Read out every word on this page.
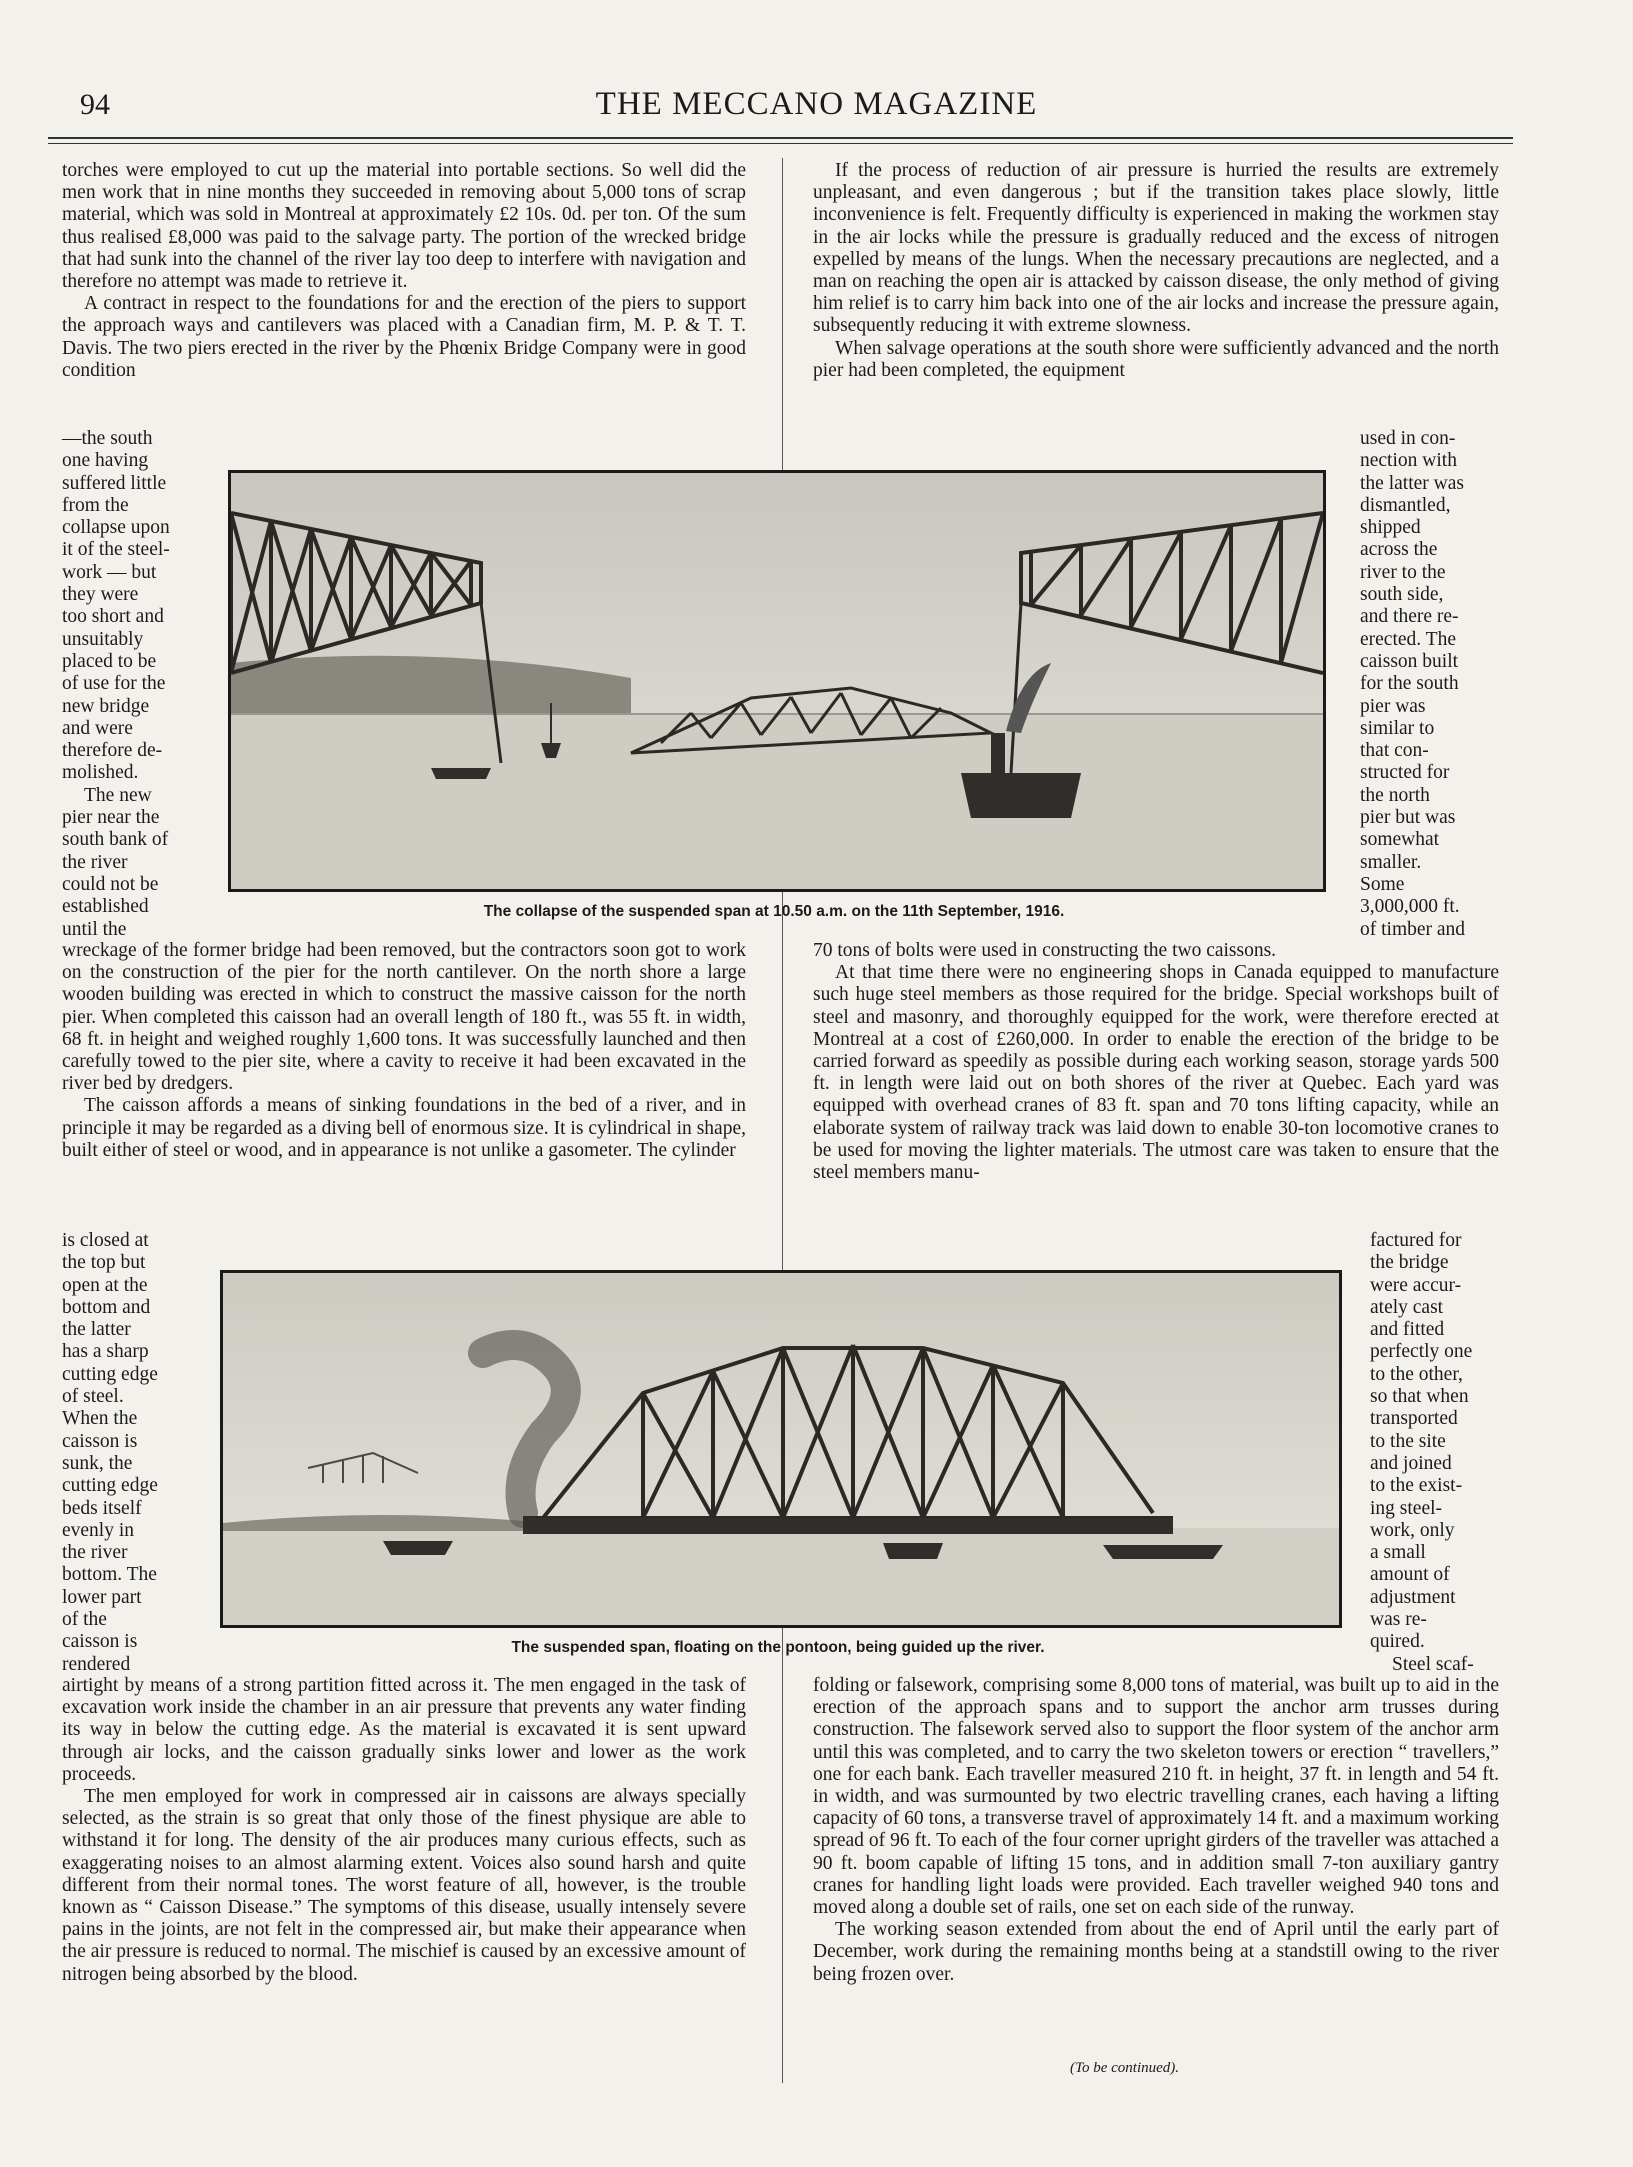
94	THE MECCANO MAGAZINE

torches were employed to cut up the material into portable sections. So well did the men work that in nine months they succeeded in removing about 5,000 tons of scrap material, which was sold in Montreal at approximately £2 10s. 0d. per ton. Of the sum thus realised £8,000 was paid to the salvage party. The portion of the wrecked bridge that had sunk into the channel of the river lay too deep to interfere with navigation and therefore no attempt was made to retrieve it.

A contract in respect to the foundations for and the erection of the piers to support the approach ways and cantilevers was placed with a Canadian firm, M. P. & T. T. Davis. The two piers erected in the river by the Phœnix Bridge Company were in good condition

—the south
one having
suffered little
from the
collapse upon
it of the steel-
work — but
they were
too short and
unsuitably
placed to be
of use for the
new bridge
and were
therefore de-
molished.
The new
pier near the
south bank of
the river
could not be
established
until the

wreckage of the former bridge had been removed, but the contractors soon got to work on the construction of the pier for the north cantilever. On the north shore a large wooden building was erected in which to construct the massive caisson for the north pier. When completed this caisson had an overall length of 180 ft., was 55 ft. in width, 68 ft. in height and weighed roughly 1,600 tons. It was successfully launched and then carefully towed to the pier site, where a cavity to receive it had been excavated in the river bed by dredgers.

The caisson affords a means of sinking foundations in the bed of a river, and in principle it may be regarded as a diving bell of enormous size. It is cylindrical in shape, built either of steel or wood, and in appearance is not unlike a gasometer. The cylinder

is closed at
the top but
open at the
bottom and
the latter
has a sharp
cutting edge
of steel.
When the
caisson is
sunk, the
cutting edge
beds itself
evenly in
the river
bottom. The
lower part
of the
caisson is
rendered

airtight by means of a strong partition fitted across it. The men engaged in the task of excavation work inside the chamber in an air pressure that prevents any water finding its way in below the cutting edge. As the material is excavated it is sent upward through air locks, and the caisson gradually sinks lower and lower as the work proceeds.

The men employed for work in compressed air in caissons are always specially selected, as the strain is so great that only those of the finest physique are able to withstand it for long. The density of the air produces many curious effects, such as exaggerating noises to an almost alarming extent. Voices also sound harsh and quite different from their normal tones. The worst feature of all, however, is the trouble known as “ Caisson Disease.” The symptoms of this disease, usually intensely severe pains in the joints, are not felt in the compressed air, but make their appearance when the air pressure is reduced to normal. The mischief is caused by an excessive amount of nitrogen being absorbed by the blood.

If the process of reduction of air pressure is hurried the results are extremely unpleasant, and even dangerous ; but if the transition takes place slowly, little inconvenience is felt. Frequently difficulty is experienced in making the workmen stay in the air locks while the pressure is gradually reduced and the excess of nitrogen expelled by means of the lungs. When the necessary precautions are neglected, and a man on reaching the open air is attacked by caisson disease, the only method of giving him relief is to carry him back into one of the air locks and increase the pressure again, subsequently reducing it with extreme slowness.

When salvage operations at the south shore were sufficiently advanced and the north pier had been completed, the equipment

used in con-
nection with
the latter was
dismantled,
shipped
across the
river to the
south side,
and there re-
erected. The
caisson built
for the south
pier was
similar to
that con-
structed for
the north
pier but was
somewhat
smaller.
Some
3,000,000 ft.
of timber and

70 tons of bolts were used in constructing the two caissons.

At that time there were no engineering shops in Canada equipped to manufacture such huge steel members as those required for the bridge. Special workshops built of steel and masonry, and thoroughly equipped for the work, were therefore erected at Montreal at a cost of £260,000. In order to enable the erection of the bridge to be carried forward as speedily as possible during each working season, storage yards 500 ft. in length were laid out on both shores of the river at Quebec. Each yard was equipped with overhead cranes of 83 ft. span and 70 tons lifting capacity, while an elaborate system of railway track was laid down to enable 30-ton locomotive cranes to be used for moving the lighter materials. The utmost care was taken to ensure that the steel members manu-

factured for
the bridge
were accur-
ately cast
and fitted
perfectly one
to the other,
so that when
transported
to the site
and joined
to the exist-
ing steel-
work, only
a small
amount of
adjustment
was re-
quired.
Steel scaf-

folding or falsework, comprising some 8,000 tons of material, was built up to aid in the erection of the approach spans and to support the anchor arm trusses during construction. The falsework served also to support the floor system of the anchor arm until this was completed, and to carry the two skeleton towers or erection “ travellers,” one for each bank. Each traveller measured 210 ft. in height, 37 ft. in length and 54 ft. in width, and was surmounted by two electric travelling cranes, each having a lifting capacity of 60 tons, a transverse travel of approximately 14 ft. and a maximum working spread of 96 ft. To each of the four corner upright girders of the traveller was attached a 90 ft. boom capable of lifting 15 tons, and in addition small 7-ton auxiliary gantry cranes for handling light loads were provided. Each traveller weighed 940 tons and moved along a double set of rails, one set on each side of the runway.

The working season extended from about the end of April until the early part of December, work during the remaining months being at a standstill owing to the river being frozen over.

The collapse of the suspended span at 10.50 a.m. on the 11th September, 1916.
The suspended span, floating on the pontoon, being guided up the river.
(To be continued).
